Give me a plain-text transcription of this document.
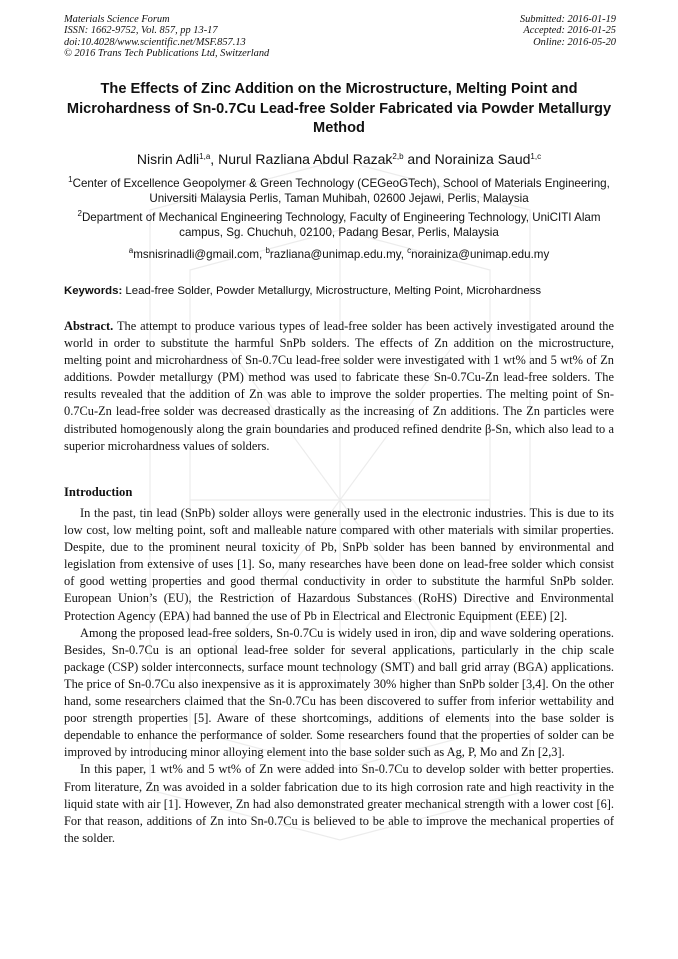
Materials Science Forum
ISSN: 1662-9752, Vol. 857, pp 13-17
doi:10.4028/www.scientific.net/MSF.857.13
© 2016 Trans Tech Publications Ltd, Switzerland
Submitted: 2016-01-19
Accepted: 2016-01-25
Online: 2016-05-20
The Effects of Zinc Addition on the Microstructure, Melting Point and Microhardness of Sn-0.7Cu Lead-free Solder Fabricated via Powder Metallurgy Method
Nisrin Adli$^{1,a}$, Nurul Razliana Abdul Razak$^{2,b}$ and Norainiza Saud$^{1,c}$
$^1$Center of Excellence Geopolymer & Green Technology (CEGeoGTech), School of Materials Engineering, Universiti Malaysia Perlis, Taman Muhibah, 02600 Jejawi, Perlis, Malaysia
$^2$Department of Mechanical Engineering Technology, Faculty of Engineering Technology, UniCITI Alam campus, Sg. Chuchuh, 02100, Padang Besar, Perlis, Malaysia
$^a$msnisrinadli@gmail.com, $^b$razliana@unimap.edu.my, $^c$norainiza@unimap.edu.my
Keywords: Lead-free Solder, Powder Metallurgy, Microstructure, Melting Point, Microhardness
Abstract. The attempt to produce various types of lead-free solder has been actively investigated around the world in order to substitute the harmful SnPb solders. The effects of Zn addition on the microstructure, melting point and microhardness of Sn-0.7Cu lead-free solder were investigated with 1 wt% and 5 wt% of Zn additions. Powder metallurgy (PM) method was used to fabricate these Sn-0.7Cu-Zn lead-free solders. The results revealed that the addition of Zn was able to improve the solder properties. The melting point of Sn-0.7Cu-Zn lead-free solder was decreased drastically as the increasing of Zn additions. The Zn particles were distributed homogenously along the grain boundaries and produced refined dendrite β-Sn, which also lead to a superior microhardness values of solders.
Introduction

In the past, tin lead (SnPb) solder alloys were generally used in the electronic industries. This is due to its low cost, low melting point, soft and malleable nature compared with other materials with similar properties. Despite, due to the prominent neural toxicity of Pb, SnPb solder has been banned by environmental and legislation from extensive of uses [1]. So, many researches have been done on lead-free solder which consist of good wetting properties and good thermal conductivity in order to substitute the harmful SnPb solder. European Union’s (EU), the Restriction of Hazardous Substances (RoHS) Directive and Environmental Protection Agency (EPA) had banned the use of Pb in Electrical and Electronic Equipment (EEE) [2].

Among the proposed lead-free solders, Sn-0.7Cu is widely used in iron, dip and wave soldering operations. Besides, Sn-0.7Cu is an optional lead-free solder for several applications, particularly in the chip scale package (CSP) solder interconnects, surface mount technology (SMT) and ball grid array (BGA) applications. The price of Sn-0.7Cu also inexpensive as it is approximately 30% higher than SnPb solder [3,4]. On the other hand, some researchers claimed that the Sn-0.7Cu has been discovered to suffer from inferior wettability and poor strength properties [5]. Aware of these shortcomings, additions of elements into the base solder is dependable to enhance the performance of solder. Some researchers found that the properties of solder can be improved by introducing minor alloying element into the base solder such as Ag, P, Mo and Zn [2,3].

In this paper, 1 wt% and 5 wt% of Zn were added into Sn-0.7Cu to develop solder with better properties. From literature, Zn was avoided in a solder fabrication due to its high corrosion rate and high reactivity in the liquid state with air [1]. However, Zn had also demonstrated greater mechanical strength with a lower cost [6]. For that reason, additions of Zn into Sn-0.7Cu is believed to be able to improve the mechanical properties of the solder.
